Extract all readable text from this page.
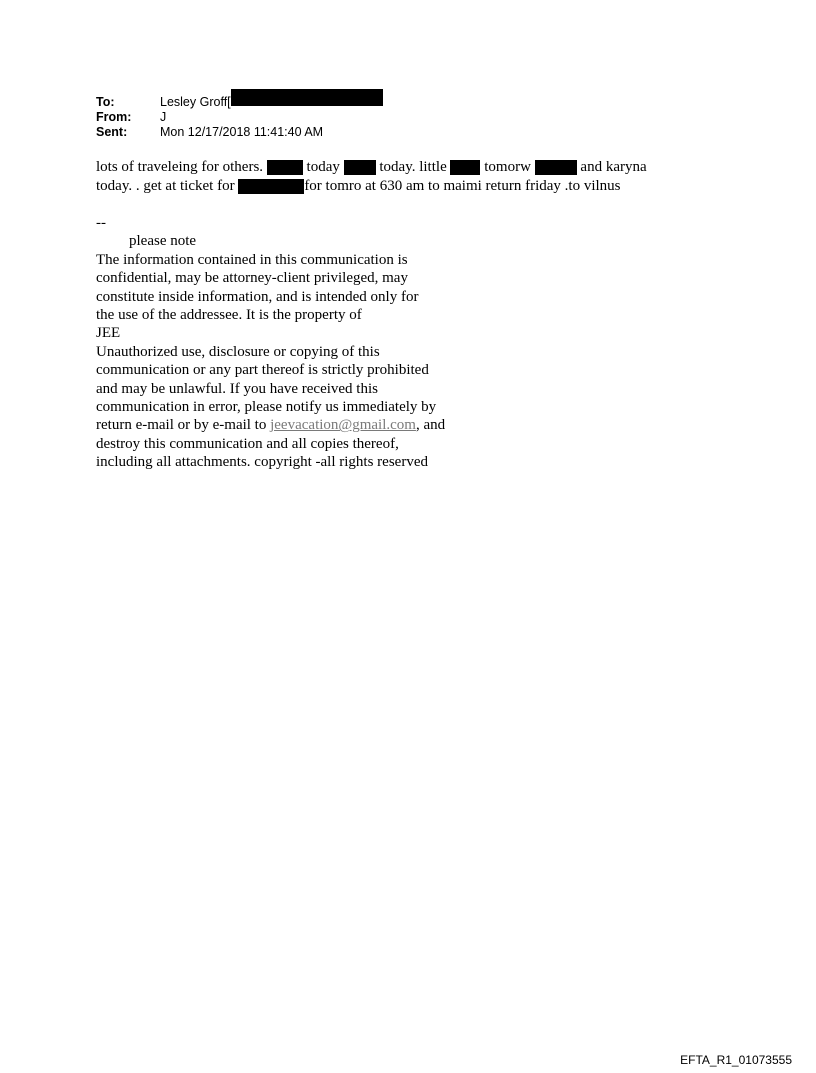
To:	Lesley Groff[
From:	J
Sent:	Mon 12/17/2018 11:41:40 AM
lots of traveleing for others.  today  today. little  tomorw	and karyna
today. . get at ticket for	for tomro at 630 am to maimi return friday .to vilnus
--
please note
The information contained in this communication is
confidential, may be attorney-client privileged, may
constitute inside information, and is intended only for
the use of the addressee. It is the property of
JEE
Unauthorized use, disclosure or copying of this
communication or any part thereof is strictly prohibited
and may be unlawful. If you have received this
communication in error, please notify us immediately by
return e-mail or by e-mail to jeevacation@gmail.com, and
destroy this communication and all copies thereof,
including all attachments. copyright -all rights reserved
EFTA_R1_01073555
